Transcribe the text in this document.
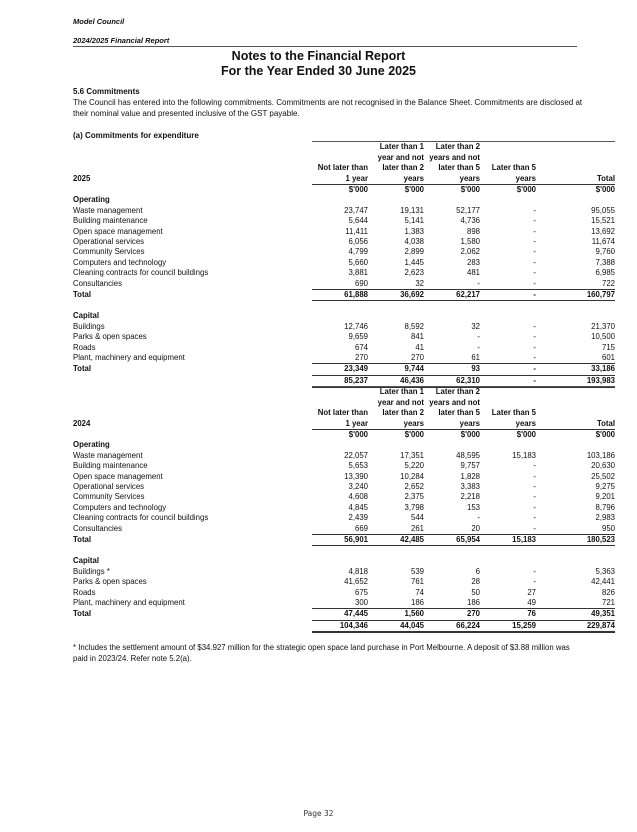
Model Council
2024/2025 Financial Report
Notes to the Financial Report
For the Year Ended 30 June 2025
5.6 Commitments
The Council has entered into the following commitments. Commitments are not recognised in the Balance Sheet. Commitments are disclosed at their nominal value and presented inclusive of the GST payable.
(a) Commitments for expenditure
2025	Not later than 1 year	Later than 1 year and not later than 2 years	Later than 2 years and not later than 5 years	Later than 5 years	Total

	$'000	$'000	$'000	$'000	$'000
Operating					
Waste management	23,747	19,131	52,177	-	95,055
Building maintenance	5,644	5,141	4,736	-	15,521
Open space management	11,411	1,383	898	-	13,692
Operational services	6,056	4,038	1,580	-	11,674
Community Services	4,799	2,899	2,062	-	9,760
Computers and technology	5,660	1,445	283	-	7,388
Cleaning contracts for council buildings	3,881	2,623	481	-	6,985
Consultancies	690	32	-	-	722
Total	61,888	36,692	62,217	-	160,797

Capital					
Buildings	12,746	8,592	32	-	21,370
Parks & open spaces	9,659	841	-	-	10,500
Roads	674	41	-	-	715
Plant, machinery and equipment	270	270	61	-	601
Total	23,349	9,744	93	-	33,186
	85,237	46,436	62,310	-	193,983
2024	Not later than 1 year	Later than 1 year and not later than 2 years	Later than 2 years and not later than 5 years	Later than 5 years	Total

	$'000	$'000	$'000	$'000	$'000
Operating					
Waste management	22,057	17,351	48,595	15,183	103,186
Building maintenance	5,653	5,220	9,757	-	20,630
Open space management	13,390	10,284	1,828	-	25,502
Operational services	3,240	2,652	3,383	-	9,275
Community Services	4,608	2,375	2,218	-	9,201
Computers and technology	4,845	3,798	153	-	8,796
Cleaning contracts for council buildings	2,439	544	-	-	2,983
Consultancies	669	261	20	-	950
Total	56,901	42,485	65,954	15,183	180,523

Capital					
Buildings *	4,818	539	6	-	5,363
Parks & open spaces	41,652	761	28	-	42,441
Roads	675	74	50	27	826
Plant, machinery and equipment	300	186	186	49	721
Total	47,445	1,560	270	76	49,351
	104,346	44,045	66,224	15,259	229,874
* Includes the settlement amount of $34.927 million for the strategic open space land purchase in Port Melbourne. A deposit of $3.88 million was paid in 2023/24. Refer note 5.2(a).
Page 32
